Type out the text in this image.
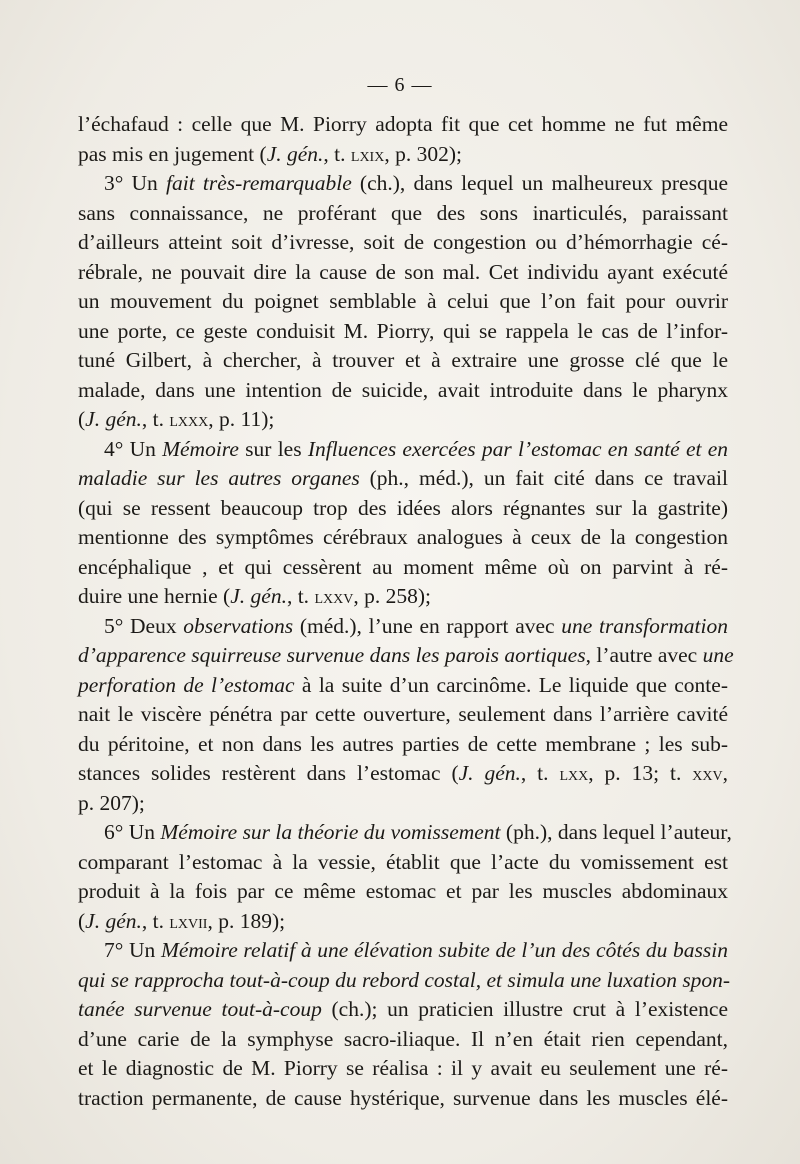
— 6 —
l’échafaud : celle que M. Piorry adopta fit que cet homme ne fut même
pas mis en jugement (J. gén., t. lxix, p. 302);
3° Un fait très-remarquable (ch.), dans lequel un malheureux presque
sans connaissance, ne proférant que des sons inarticulés, paraissant
d’ailleurs atteint soit d’ivresse, soit de congestion ou d’hémorrhagie cé-
rébrale, ne pouvait dire la cause de son mal. Cet individu ayant exécuté
un mouvement du poignet semblable à celui que l’on fait pour ouvrir
une porte, ce geste conduisit M. Piorry, qui se rappela le cas de l’infor-
tuné Gilbert, à chercher, à trouver et à extraire une grosse clé que le
malade, dans une intention de suicide, avait introduite dans le pharynx
(J. gén., t. lxxx, p. 11);
4° Un Mémoire sur les Influences exercées par l’estomac en santé et en
maladie sur les autres organes (ph., méd.), un fait cité dans ce travail
(qui se ressent beaucoup trop des idées alors régnantes sur la gastrite)
mentionne des symptômes cérébraux analogues à ceux de la congestion
encéphalique , et qui cessèrent au moment même où on parvint à ré-
duire une hernie (J. gén., t. lxxv, p. 258);
5° Deux observations (méd.), l’une en rapport avec une transformation
d’apparence squirreuse survenue dans les parois aortiques, l’autre avec une
perforation de l’estomac à la suite d’un carcinôme. Le liquide que conte-
nait le viscère pénétra par cette ouverture, seulement dans l’arrière cavité
du péritoine, et non dans les autres parties de cette membrane ; les sub-
stances solides restèrent dans l’estomac (J. gén., t. lxx, p. 13; t. xxv,
p. 207);
6° Un Mémoire sur la théorie du vomissement (ph.), dans lequel l’auteur,
comparant l’estomac à la vessie, établit que l’acte du vomissement est
produit à la fois par ce même estomac et par les muscles abdominaux
(J. gén., t. lxvii, p. 189);
7° Un Mémoire relatif à une élévation subite de l’un des côtés du bassin
qui se rapprocha tout-à-coup du rebord costal, et simula une luxation spon-
tanée survenue tout-à-coup (ch.); un praticien illustre crut à l’existence
d’une carie de la symphyse sacro-iliaque. Il n’en était rien cependant,
et le diagnostic de M. Piorry se réalisa : il y avait eu seulement une ré-
traction permanente, de cause hystérique, survenue dans les muscles élé-
